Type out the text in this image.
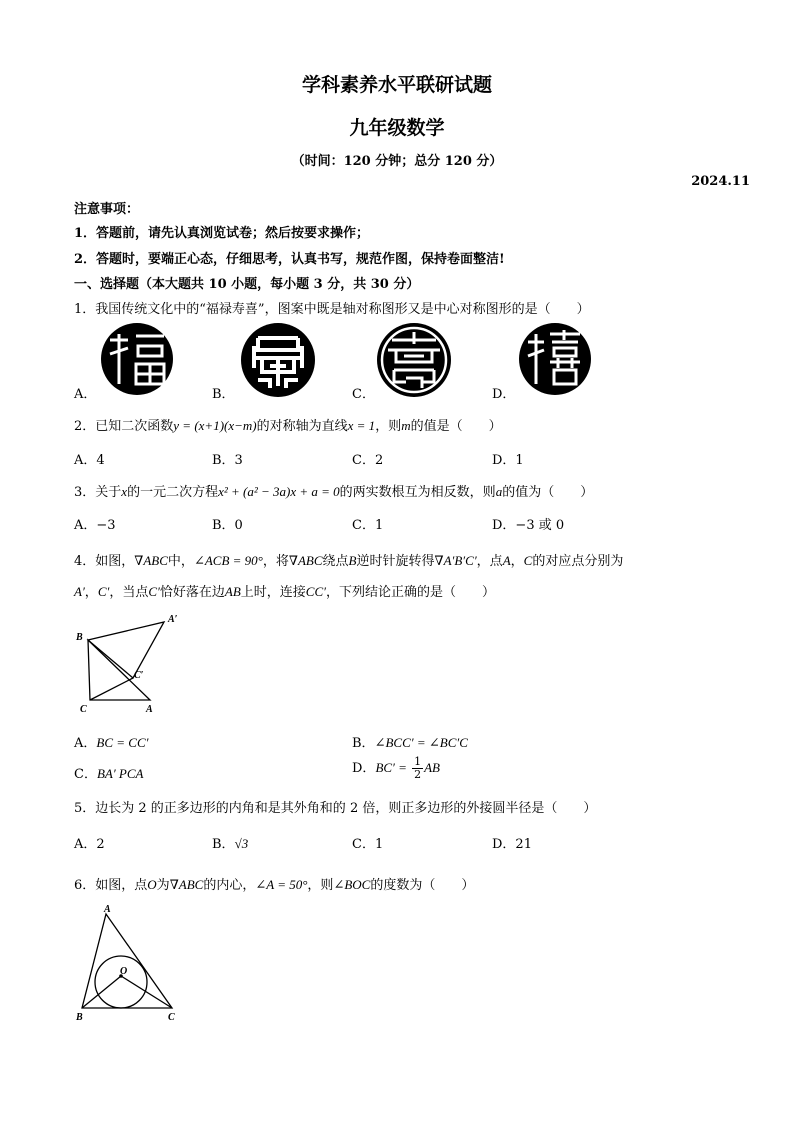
学科素养水平联研试题
九年级数学
（时间：120 分钟；总分 120 分）
2024.11
注意事项：
1．答题前，请先认真浏览试卷；然后按要求操作；
2．答题时，要端正心态，仔细思考，认真书写，规范作图，保持卷面整洁!
一、选择题（本大题共 10 小题，每小题 3 分，共 30 分）
1．我国传统文化中的“福禄寿喜”，图案中既是轴对称图形又是中心对称图形的是（　　）
A．	B．	C．	D．
2．已知二次函数y = (x+1)(x−m)的对称轴为直线x = 1，则m的值是（　　）
A．4	B．3	C．2	D．1
3．关于x的一元二次方程x² + (a² − 3a)x + a = 0的两实数根互为相反数，则a的值为（　　）
A．−3	B．0	C．1	D．−3 或 0
4．如图，∇ABC中，∠ACB = 90°，将∇ABC绕点B逆时针旋转得∇A′B′C′，点A，C的对应点分别为
A′，C′，当点C′恰好落在边AB上时，连接CC′，下列结论正确的是（　　）
B
A′
C′
C	A
A．BC = CC′	B．∠BCC′ = ∠BC′C
C．BA′ PCA	D．$BC' = \frac{1}{2}$ AB
5．边长为 2 的正多边形的内角和是其外角和的 2 倍，则正多边形的外接圆半径是（　　）
A．2	B．√3	C．1	D．21
6．如图，点O为∇ABC的内心，∠A = 50°，则∠BOC的度数为（　　）
A
O
B	C
